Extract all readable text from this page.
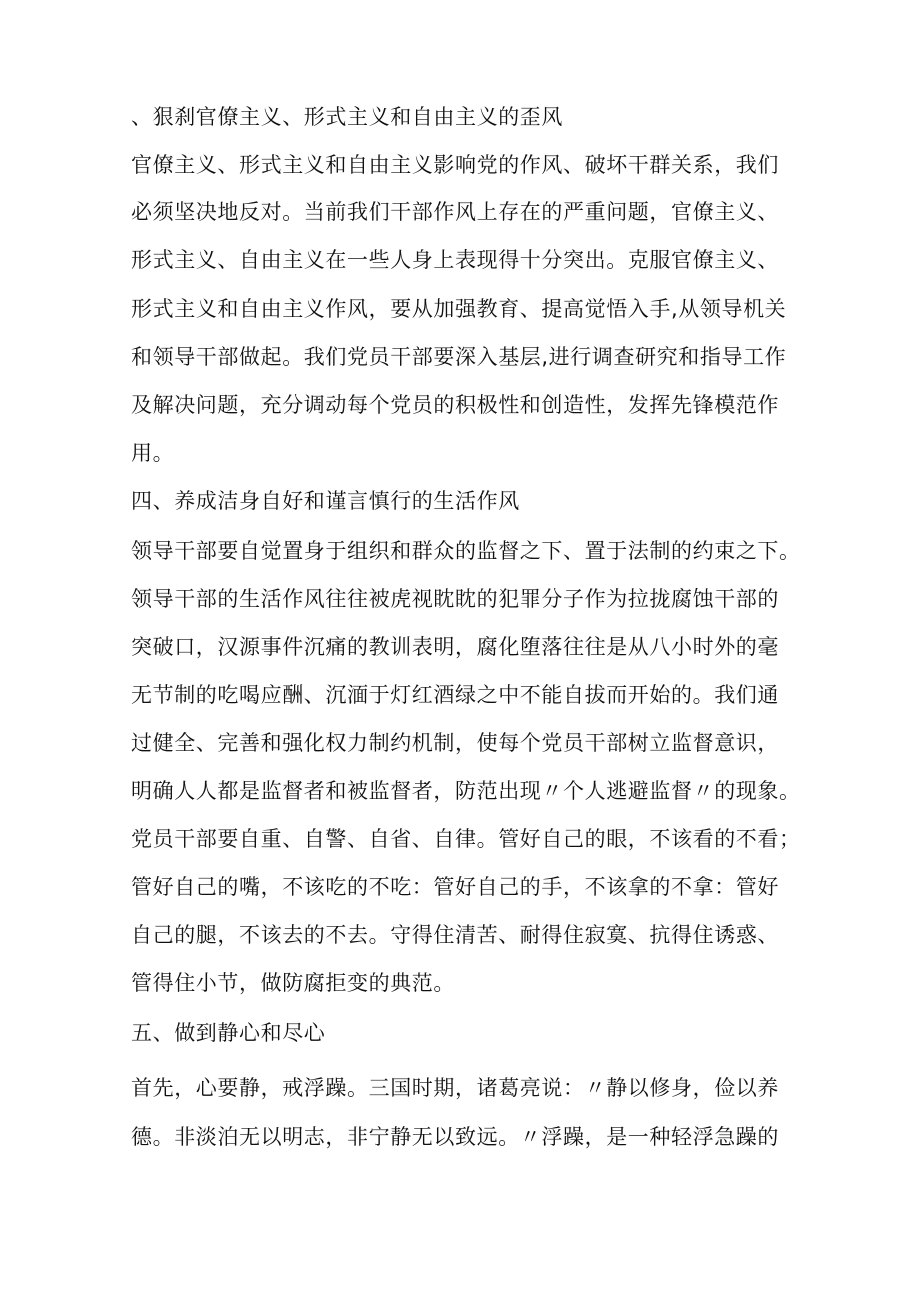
、狠刹官僚主义、形式主义和自由主义的歪风
官僚主义、形式主义和自由主义影响党的作风、破坏干群关系，我们
必须坚决地反对。当前我们干部作风上存在的严重问题，官僚主义、
形式主义、自由主义在一些人身上表现得十分突出。克服官僚主义、
形式主义和自由主义作风，要从加强教育、提高觉悟入手,从领导机关
和领导干部做起。我们党员干部要深入基层,进行调查研究和指导工作
及解决问题，充分调动每个党员的积极性和创造性，发挥先锋模范作
用。
四、养成洁身自好和谨言慎行的生活作风
领导干部要自觉置身于组织和群众的监督之下、置于法制的约束之下。
领导干部的生活作风往往被虎视眈眈的犯罪分子作为拉拢腐蚀干部的
突破口，汉源事件沉痛的教训表明，腐化堕落往往是从八小时外的毫
无节制的吃喝应酬、沉湎于灯红酒绿之中不能自拔而开始的。我们通
过健全、完善和强化权力制约机制，使每个党员干部树立监督意识，
明确人人都是监督者和被监督者，防范出现〃个人逃避监督〃的现象。
党员干部要自重、自警、自省、自律。管好自己的眼，不该看的不看；
管好自己的嘴，不该吃的不吃：管好自己的手，不该拿的不拿：管好
自己的腿，不该去的不去。守得住清苦、耐得住寂寞、抗得住诱惑、
管得住小节，做防腐拒变的典范。
五、做到静心和尽心
首先，心要静，戒浮躁。三国时期，诸葛亮说：〃静以修身，俭以养
德。非淡泊无以明志，非宁静无以致远。〃浮躁，是一种轻浮急躁的
